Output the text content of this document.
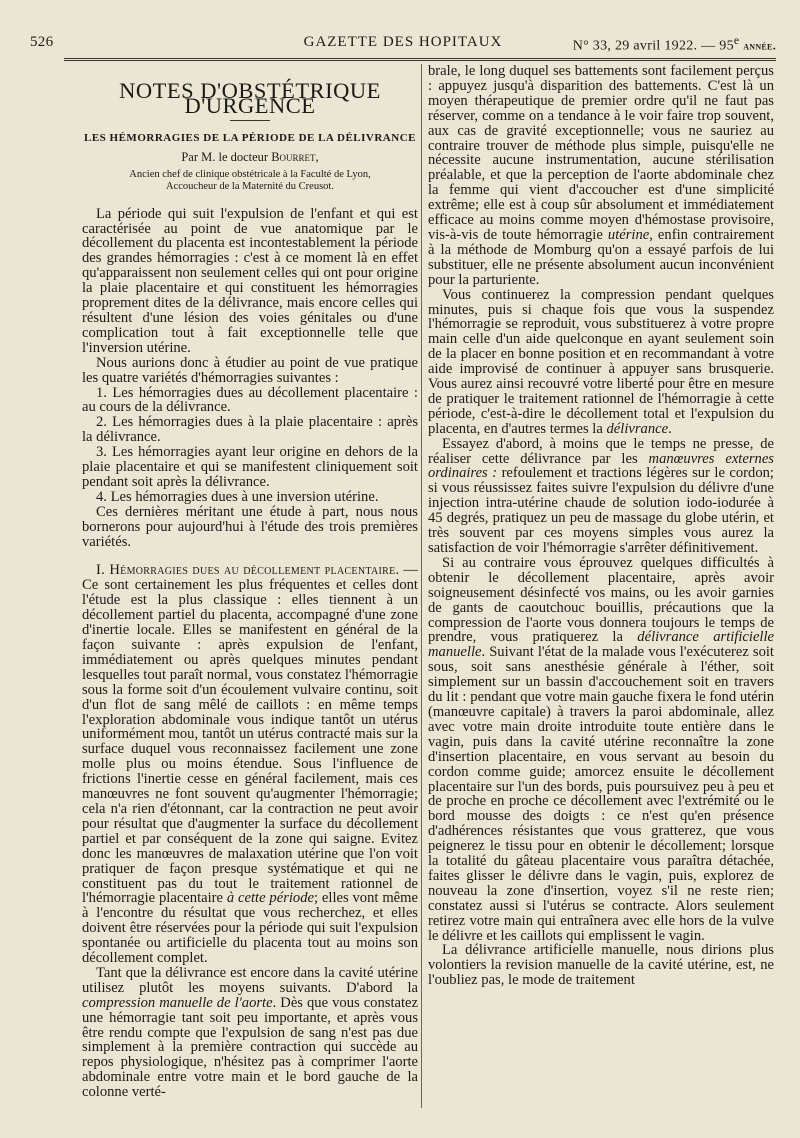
526	GAZETTE DES HOPITAUX	N° 33, 29 avril 1922. — 95e année.
NOTES D'OBSTÉTRIQUE D'URGENCE
LES HÉMORRAGIES DE LA PÉRIODE DE LA DÉLIVRANCE
Par M. le docteur Bourret,
Ancien chef de clinique obstétricale à la Faculté de Lyon,
Accoucheur de la Maternité du Creusot.

La période qui suit l'expulsion de l'enfant et qui est caractérisée au point de vue anatomique par le décollement du placenta est incontestablement la période des grandes hémorragies : c'est à ce moment là en effet qu'apparaissent non seulement celles qui ont pour origine la plaie placentaire et qui constituent les hémorragies proprement dites de la délivrance, mais encore celles qui résultent d'une lésion des voies génitales ou d'une complication tout à fait exceptionnelle telle que l'inversion utérine.

Nous aurions donc à étudier au point de vue pratique les quatre variétés d'hémorragies suivantes :

1. Les hémorragies dues au décollement placentaire : au cours de la délivrance.

2. Les hémorragies dues à la plaie placentaire : après la délivrance.

3. Les hémorragies ayant leur origine en dehors de la plaie placentaire et qui se manifestent cliniquement soit pendant soit après la délivrance.

4. Les hémorragies dues à une inversion utérine.

Ces dernières méritant une étude à part, nous nous bornerons pour aujourd'hui à l'étude des trois premières variétés.

I. Hémorragies dues au décollement placentaire. — Ce sont certainement les plus fréquentes et celles dont l'étude est la plus classique : elles tiennent à un décollement partiel du placenta, accompagné d'une zone d'inertie locale. Elles se manifestent en général de la façon suivante : après expulsion de l'enfant, immédiatement ou après quelques minutes pendant lesquelles tout paraît normal, vous constatez l'hémorragie sous la forme soit d'un écoulement vulvaire continu, soit d'un flot de sang mêlé de caillots : en même temps l'exploration abdominale vous indique tantôt un utérus uniformément mou, tantôt un utérus contracté mais sur la surface duquel vous reconnaissez facilement une zone molle plus ou moins étendue. Sous l'influence de frictions l'inertie cesse en général facilement, mais ces manœuvres ne font souvent qu'augmenter l'hémorragie; cela n'a rien d'étonnant, car la contraction ne peut avoir pour résultat que d'augmenter la surface du décollement partiel et par conséquent de la zone qui saigne. Evitez donc les manœuvres de malaxation utérine que l'on voit pratiquer de façon presque systématique et qui ne constituent pas du tout le traitement rationnel de l'hémorragie placentaire à cette période; elles vont même à l'encontre du résultat que vous recherchez, et elles doivent être réservées pour la période qui suit l'expulsion spontanée ou artificielle du placenta tout au moins son décollement complet.

Tant que la délivrance est encore dans la cavité utérine utilisez plutôt les moyens suivants. D'abord la compression manuelle de l'aorte. Dès que vous constatez une hémorragie tant soit peu importante, et après vous être rendu compte que l'expulsion de sang n'est pas due simplement à la première contraction qui succède au repos physiologique, n'hésitez pas à comprimer l'aorte abdominale entre votre main et le bord gauche de la colonne verté-

brale, le long duquel ses battements sont facilement perçus : appuyez jusqu'à disparition des battements. C'est là un moyen thérapeutique de premier ordre qu'il ne faut pas réserver, comme on a tendance à le voir faire trop souvent, aux cas de gravité exceptionnelle; vous ne sauriez au contraire trouver de méthode plus simple, puisqu'elle ne nécessite aucune instrumentation, aucune stérilisation préalable, et que la perception de l'aorte abdominale chez la femme qui vient d'accoucher est d'une simplicité extrême; elle est à coup sûr absolument et immédiatement efficace au moins comme moyen d'hémostase provisoire, vis-à-vis de toute hémorragie utérine, enfin contrairement à la méthode de Momburg qu'on a essayé parfois de lui substituer, elle ne présente absolument aucun inconvénient pour la parturiente.

Vous continuerez la compression pendant quelques minutes, puis si chaque fois que vous la suspendez l'hémorragie se reproduit, vous substituerez à votre propre main celle d'un aide quelconque en ayant seulement soin de la placer en bonne position et en recommandant à votre aide improvisé de continuer à appuyer sans brusquerie. Vous aurez ainsi recouvré votre liberté pour être en mesure de pratiquer le traitement rationnel de l'hémorragie à cette période, c'est-à-dire le décollement total et l'expulsion du placenta, en d'autres termes la délivrance.

Essayez d'abord, à moins que le temps ne presse, de réaliser cette délivrance par les manœuvres externes ordinaires : refoulement et tractions légères sur le cordon; si vous réussissez faites suivre l'expulsion du délivre d'une injection intra-utérine chaude de solution iodo-iodurée à 45 degrés, pratiquez un peu de massage du globe utérin, et très souvent par ces moyens simples vous aurez la satisfaction de voir l'hémorragie s'arrêter définitivement.

Si au contraire vous éprouvez quelques difficultés à obtenir le décollement placentaire, après avoir soigneusement désinfecté vos mains, ou les avoir garnies de gants de caoutchouc bouillis, précautions que la compression de l'aorte vous donnera toujours le temps de prendre, vous pratiquerez la délivrance artificielle manuelle. Suivant l'état de la malade vous l'exécuterez soit sous, soit sans anesthésie générale à l'éther, soit simplement sur un bassin d'accouchement soit en travers du lit : pendant que votre main gauche fixera le fond utérin (manœuvre capitale) à travers la paroi abdominale, allez avec votre main droite introduite toute entière dans le vagin, puis dans la cavité utérine reconnaître la zone d'insertion placentaire, en vous servant au besoin du cordon comme guide; amorcez ensuite le décollement placentaire sur l'un des bords, puis poursuivez peu à peu et de proche en proche ce décollement avec l'extrémité ou le bord mousse des doigts : ce n'est qu'en présence d'adhérences résistantes que vous gratterez, que vous peignerez le tissu pour en obtenir le décollement; lorsque la totalité du gâteau placentaire vous paraîtra détachée, faites glisser le délivre dans le vagin, puis, explorez de nouveau la zone d'insertion, voyez s'il ne reste rien; constatez aussi si l'utérus se contracte. Alors seulement retirez votre main qui entraînera avec elle hors de la vulve le délivre et les caillots qui emplissent le vagin.

La délivrance artificielle manuelle, nous dirions plus volontiers la revision manuelle de la cavité utérine, est, ne l'oubliez pas, le mode de traitement
